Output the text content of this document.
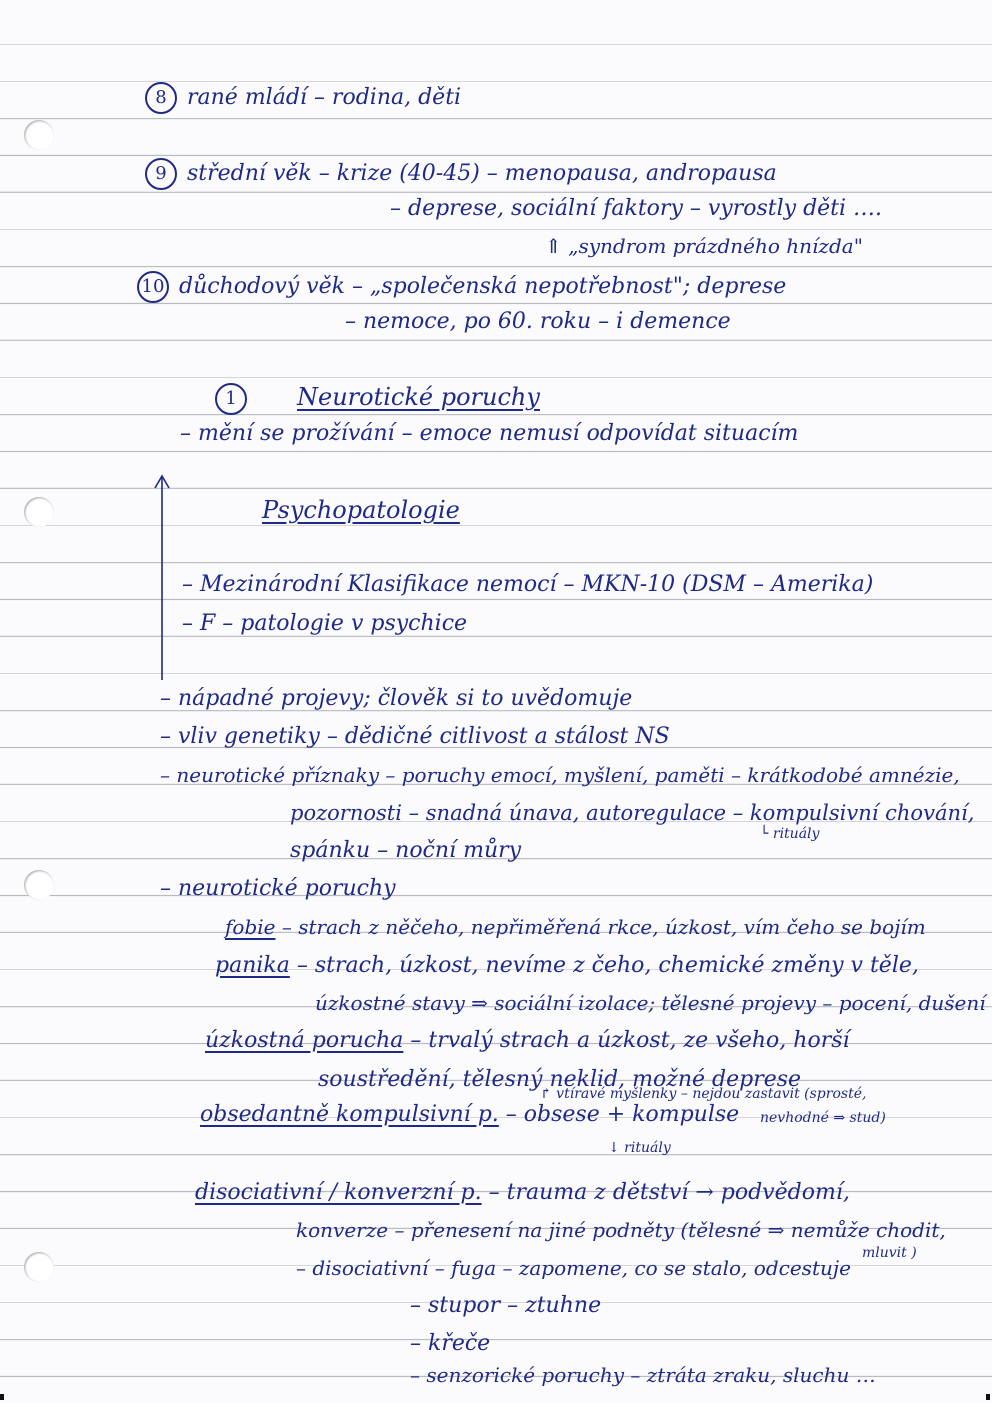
8 rané mládí – rodina, děti
9 střední věk – krize (40-45) – menopausa, andropausa
– deprese, sociální faktory – vyrostly děti ….
⇑ „syndrom prázdného hnízda"
10 důchodový věk – „společenská nepotřebnost"; deprese
– nemoce, po 60. roku – i demence
1	Neurotické poruchy
– mění se prožívání – emoce nemusí odpovídat situacím
Psychopatologie
– Mezinárodní Klasifikace nemocí – MKN-10 (DSM – Amerika)
– F – patologie v psychice
– nápadné projevy; člověk si to uvědomuje
– vliv genetiky – dědičné citlivost a stálost NS
– neurotické příznaky – poruchy emocí, myšlení, paměti – krátkodobé amnézie,
pozornosti – snadná únava, autoregulace – kompulsivní chování,
└ rituály
spánku – noční můry
– neurotické poruchy
fobie – strach z něčeho, nepřiměřená rkce, úzkost, vím čeho se bojím
panika – strach, úzkost, nevíme z čeho, chemické změny v těle,
úzkostné stavy ⇒ sociální izolace; tělesné projevy – pocení, dušení
úzkostná porucha – trvalý strach a úzkost, ze všeho, horší
soustředění, tělesný neklid, možné deprese
↱ vtíravé myšlenky – nejdou zastavit (sprosté,
obsedantně kompulsivní p. – obsese + kompulse nevhodné ⇒ stud)
↓ rituály
disociativní / konverzní p. – trauma z dětství → podvědomí,
konverze – přenesení na jiné podněty (tělesné ⇒ nemůže chodit,
mluvit )
– disociativní – fuga – zapomene, co se stalo, odcestuje
– stupor – ztuhne
– křeče
– senzorické poruchy – ztráta zraku, sluchu …
